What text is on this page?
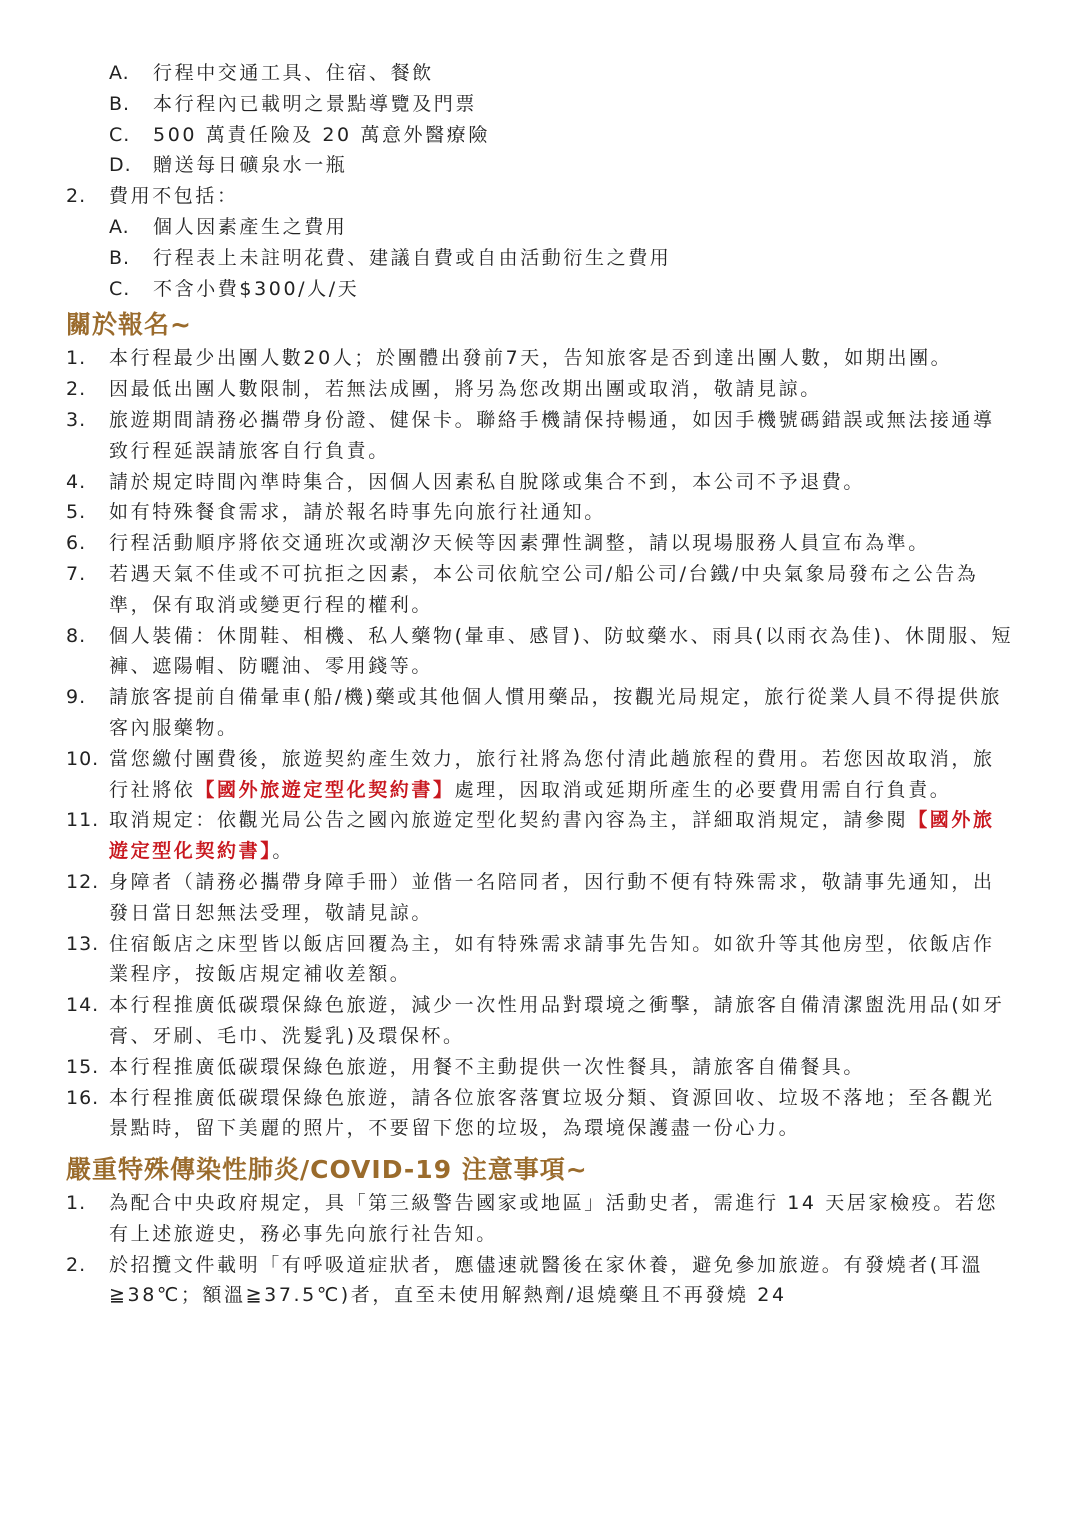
A.	行程中交通工具、住宿、餐飲
B.	本行程內已載明之景點導覽及門票
C.	500 萬責任險及 20 萬意外醫療險
D.	贈送每日礦泉水一瓶
2.	費用不包括：
A.	個人因素產生之費用
B.	行程表上未註明花費、建議自費或自由活動衍生之費用
C.	不含小費$300/人/天
關於報名~
1.	本行程最少出團人數20人；於團體出發前7天，告知旅客是否到達出團人數，如期出團。
2.	因最低出團人數限制，若無法成團，將另為您改期出團或取消，敬請見諒。
3.	旅遊期間請務必攜帶身份證、健保卡。聯絡手機請保持暢通，如因手機號碼錯誤或無法接通導致行程延誤請旅客自行負責。
4.	請於規定時間內準時集合，因個人因素私自脫隊或集合不到，本公司不予退費。
5.	如有特殊餐食需求，請於報名時事先向旅行社通知。
6.	行程活動順序將依交通班次或潮汐天候等因素彈性調整，請以現場服務人員宣布為準。
7.	若遇天氣不佳或不可抗拒之因素，本公司依航空公司/船公司/台鐵/中央氣象局發布之公告為準，保有取消或變更行程的權利。
8.	個人裝備：休閒鞋、相機、私人藥物(暈車、感冒)、防蚊藥水、雨具(以雨衣為佳)、休閒服、短褲、遮陽帽、防曬油、零用錢等。
9.	請旅客提前自備暈車(船/機)藥或其他個人慣用藥品，按觀光局規定，旅行從業人員不得提供旅客內服藥物。
10. 當您繳付團費後，旅遊契約產生效力，旅行社將為您付清此趟旅程的費用。若您因故取消，旅行社將依【國外旅遊定型化契約書】處理，因取消或延期所產生的必要費用需自行負責。
11. 取消規定：依觀光局公告之國內旅遊定型化契約書內容為主，詳細取消規定，請參閱【國外旅遊定型化契約書】。
12. 身障者（請務必攜帶身障手冊）並偕一名陪同者，因行動不便有特殊需求，敬請事先通知，出發日當日恕無法受理，敬請見諒。
13. 住宿飯店之床型皆以飯店回覆為主，如有特殊需求請事先告知。如欲升等其他房型，依飯店作業程序，按飯店規定補收差額。
14. 本行程推廣低碳環保綠色旅遊，減少一次性用品對環境之衝擊，請旅客自備清潔盥洗用品(如牙膏、牙刷、毛巾、洗髮乳)及環保杯。
15. 本行程推廣低碳環保綠色旅遊，用餐不主動提供一次性餐具，請旅客自備餐具。
16. 本行程推廣低碳環保綠色旅遊，請各位旅客落實垃圾分類、資源回收、垃圾不落地；至各觀光景點時，留下美麗的照片，不要留下您的垃圾，為環境保護盡一份心力。
嚴重特殊傳染性肺炎/COVID-19 注意事項~
1.	為配合中央政府規定，具「第三級警告國家或地區」活動史者，需進行 14 天居家檢疫。若您有上述旅遊史，務必事先向旅行社告知。
2.	於招攬文件載明「有呼吸道症狀者，應儘速就醫後在家休養，避免參加旅遊。有發燒者(耳溫≧38℃；額溫≧37.5℃)者，直至未使用解熱劑/退燒藥且不再發燒 24
